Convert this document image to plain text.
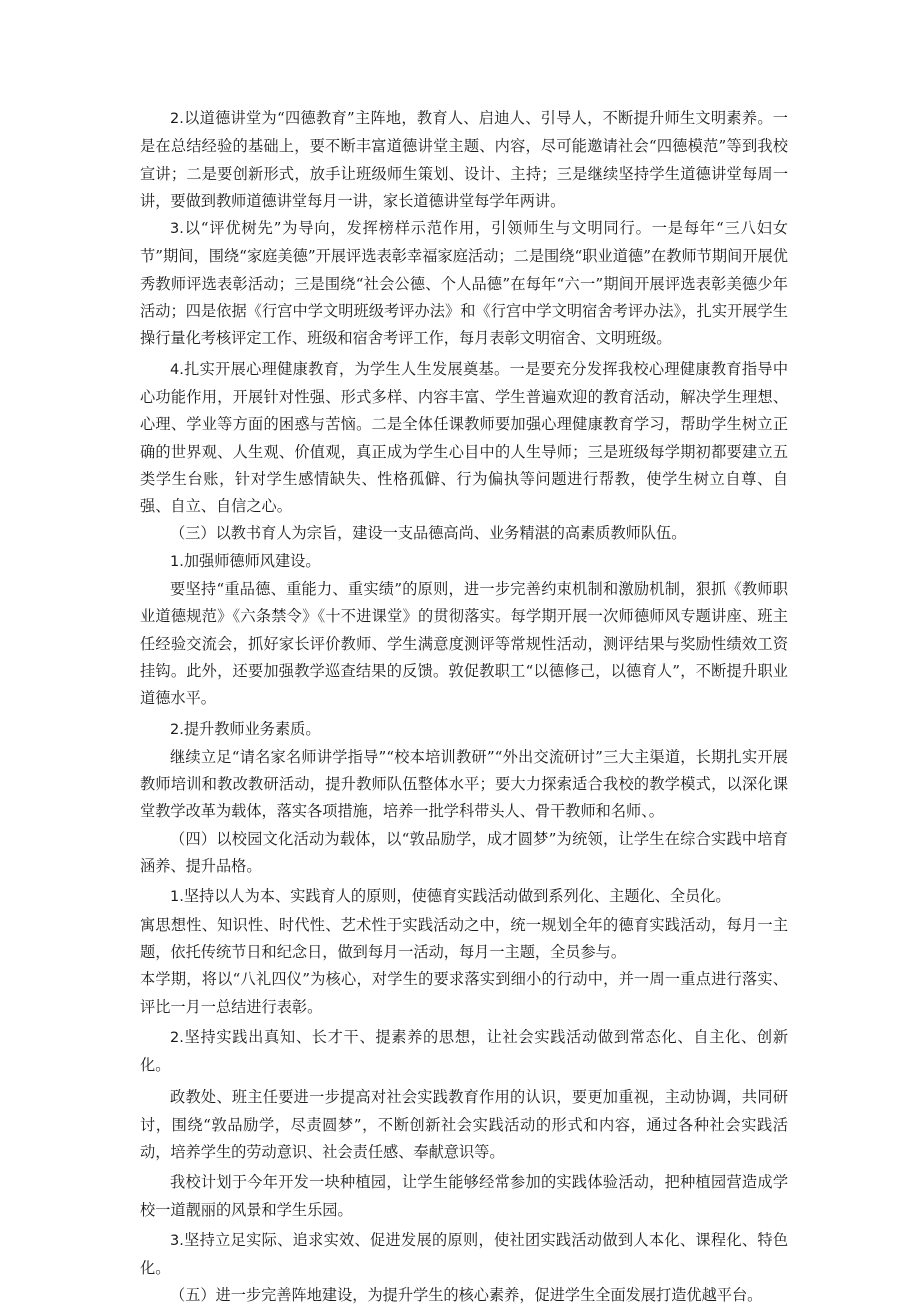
2.以道德讲堂为“四德教育”主阵地，教育人、启迪人、引导人，不断提升师生文明素养。一是在总结经验的基础上，要不断丰富道德讲堂主题、内容，尽可能邀请社会“四德模范”等到我校宣讲；二是要创新形式，放手让班级师生策划、设计、主持；三是继续坚持学生道德讲堂每周一讲，要做到教师道德讲堂每月一讲，家长道德讲堂每学年两讲。

3.以“评优树先”为导向，发挥榜样示范作用，引领师生与文明同行。一是每年“三八妇女节”期间，围绕“家庭美德”开展评选表彰幸福家庭活动；二是围绕“职业道德”在教师节期间开展优秀教师评选表彰活动；三是围绕“社会公德、个人品德”在每年“六一”期间开展评选表彰美德少年活动；四是依据《行宫中学文明班级考评办法》和《行宫中学文明宿舍考评办法》，扎实开展学生操行量化考核评定工作、班级和宿舍考评工作，每月表彰文明宿舍、文明班级。

4.扎实开展心理健康教育，为学生人生发展奠基。一是要充分发挥我校心理健康教育指导中心功能作用，开展针对性强、形式多样、内容丰富、学生普遍欢迎的教育活动，解决学生理想、心理、学业等方面的困惑与苦恼。二是全体任课教师要加强心理健康教育学习，帮助学生树立正确的世界观、人生观、价值观，真正成为学生心目中的人生导师；三是班级每学期初都要建立五类学生台账，针对学生感情缺失、性格孤僻、行为偏执等问题进行帮教，使学生树立自尊、自强、自立、自信之心。

（三）以教书育人为宗旨，建设一支品德高尚、业务精湛的高素质教师队伍。

1.加强师德师风建设。

要坚持“重品德、重能力、重实绩”的原则，进一步完善约束机制和激励机制，狠抓《教师职业道德规范》《六条禁令》《十不进课堂》的贯彻落实。每学期开展一次师德师风专题讲座、班主任经验交流会，抓好家长评价教师、学生满意度测评等常规性活动，测评结果与奖励性绩效工资挂钩。此外，还要加强教学巡查结果的反馈。敦促教职工“以德修己，以德育人”，不断提升职业道德水平。

2.提升教师业务素质。

继续立足“请名家名师讲学指导”“校本培训教研”“外出交流研讨”三大主渠道，长期扎实开展教师培训和教改教研活动，提升教师队伍整体水平；要大力探索适合我校的教学模式，以深化课堂教学改革为载体，落实各项措施，培养一批学科带头人、骨干教师和名师、。

（四）以校园文化活动为载体，以“敦品励学，成才圆梦”为统领，让学生在综合实践中培育涵养、提升品格。

1.坚持以人为本、实践育人的原则，使德育实践活动做到系列化、主题化、全员化。

寓思想性、知识性、时代性、艺术性于实践活动之中，统一规划全年的德育实践活动，每月一主题，依托传统节日和纪念日，做到每月一活动，每月一主题，全员参与。

本学期，将以“八礼四仪”为核心，对学生的要求落实到细小的行动中，并一周一重点进行落实、评比一月一总结进行表彰。

2.坚持实践出真知、长才干、提素养的思想，让社会实践活动做到常态化、自主化、创新化。

政教处、班主任要进一步提高对社会实践教育作用的认识，要更加重视，主动协调，共同研讨，围绕“敦品励学，尽责圆梦”，不断创新社会实践活动的形式和内容，通过各种社会实践活动，培养学生的劳动意识、社会责任感、奉献意识等。

我校计划于今年开发一块种植园，让学生能够经常参加的实践体验活动，把种植园营造成学校一道靓丽的风景和学生乐园。

3.坚持立足实际、追求实效、促进发展的原则，使社团实践活动做到人本化、课程化、特色化。

（五）进一步完善阵地建设，为提升学生的核心素养，促进学生全面发展打造优越平台。
